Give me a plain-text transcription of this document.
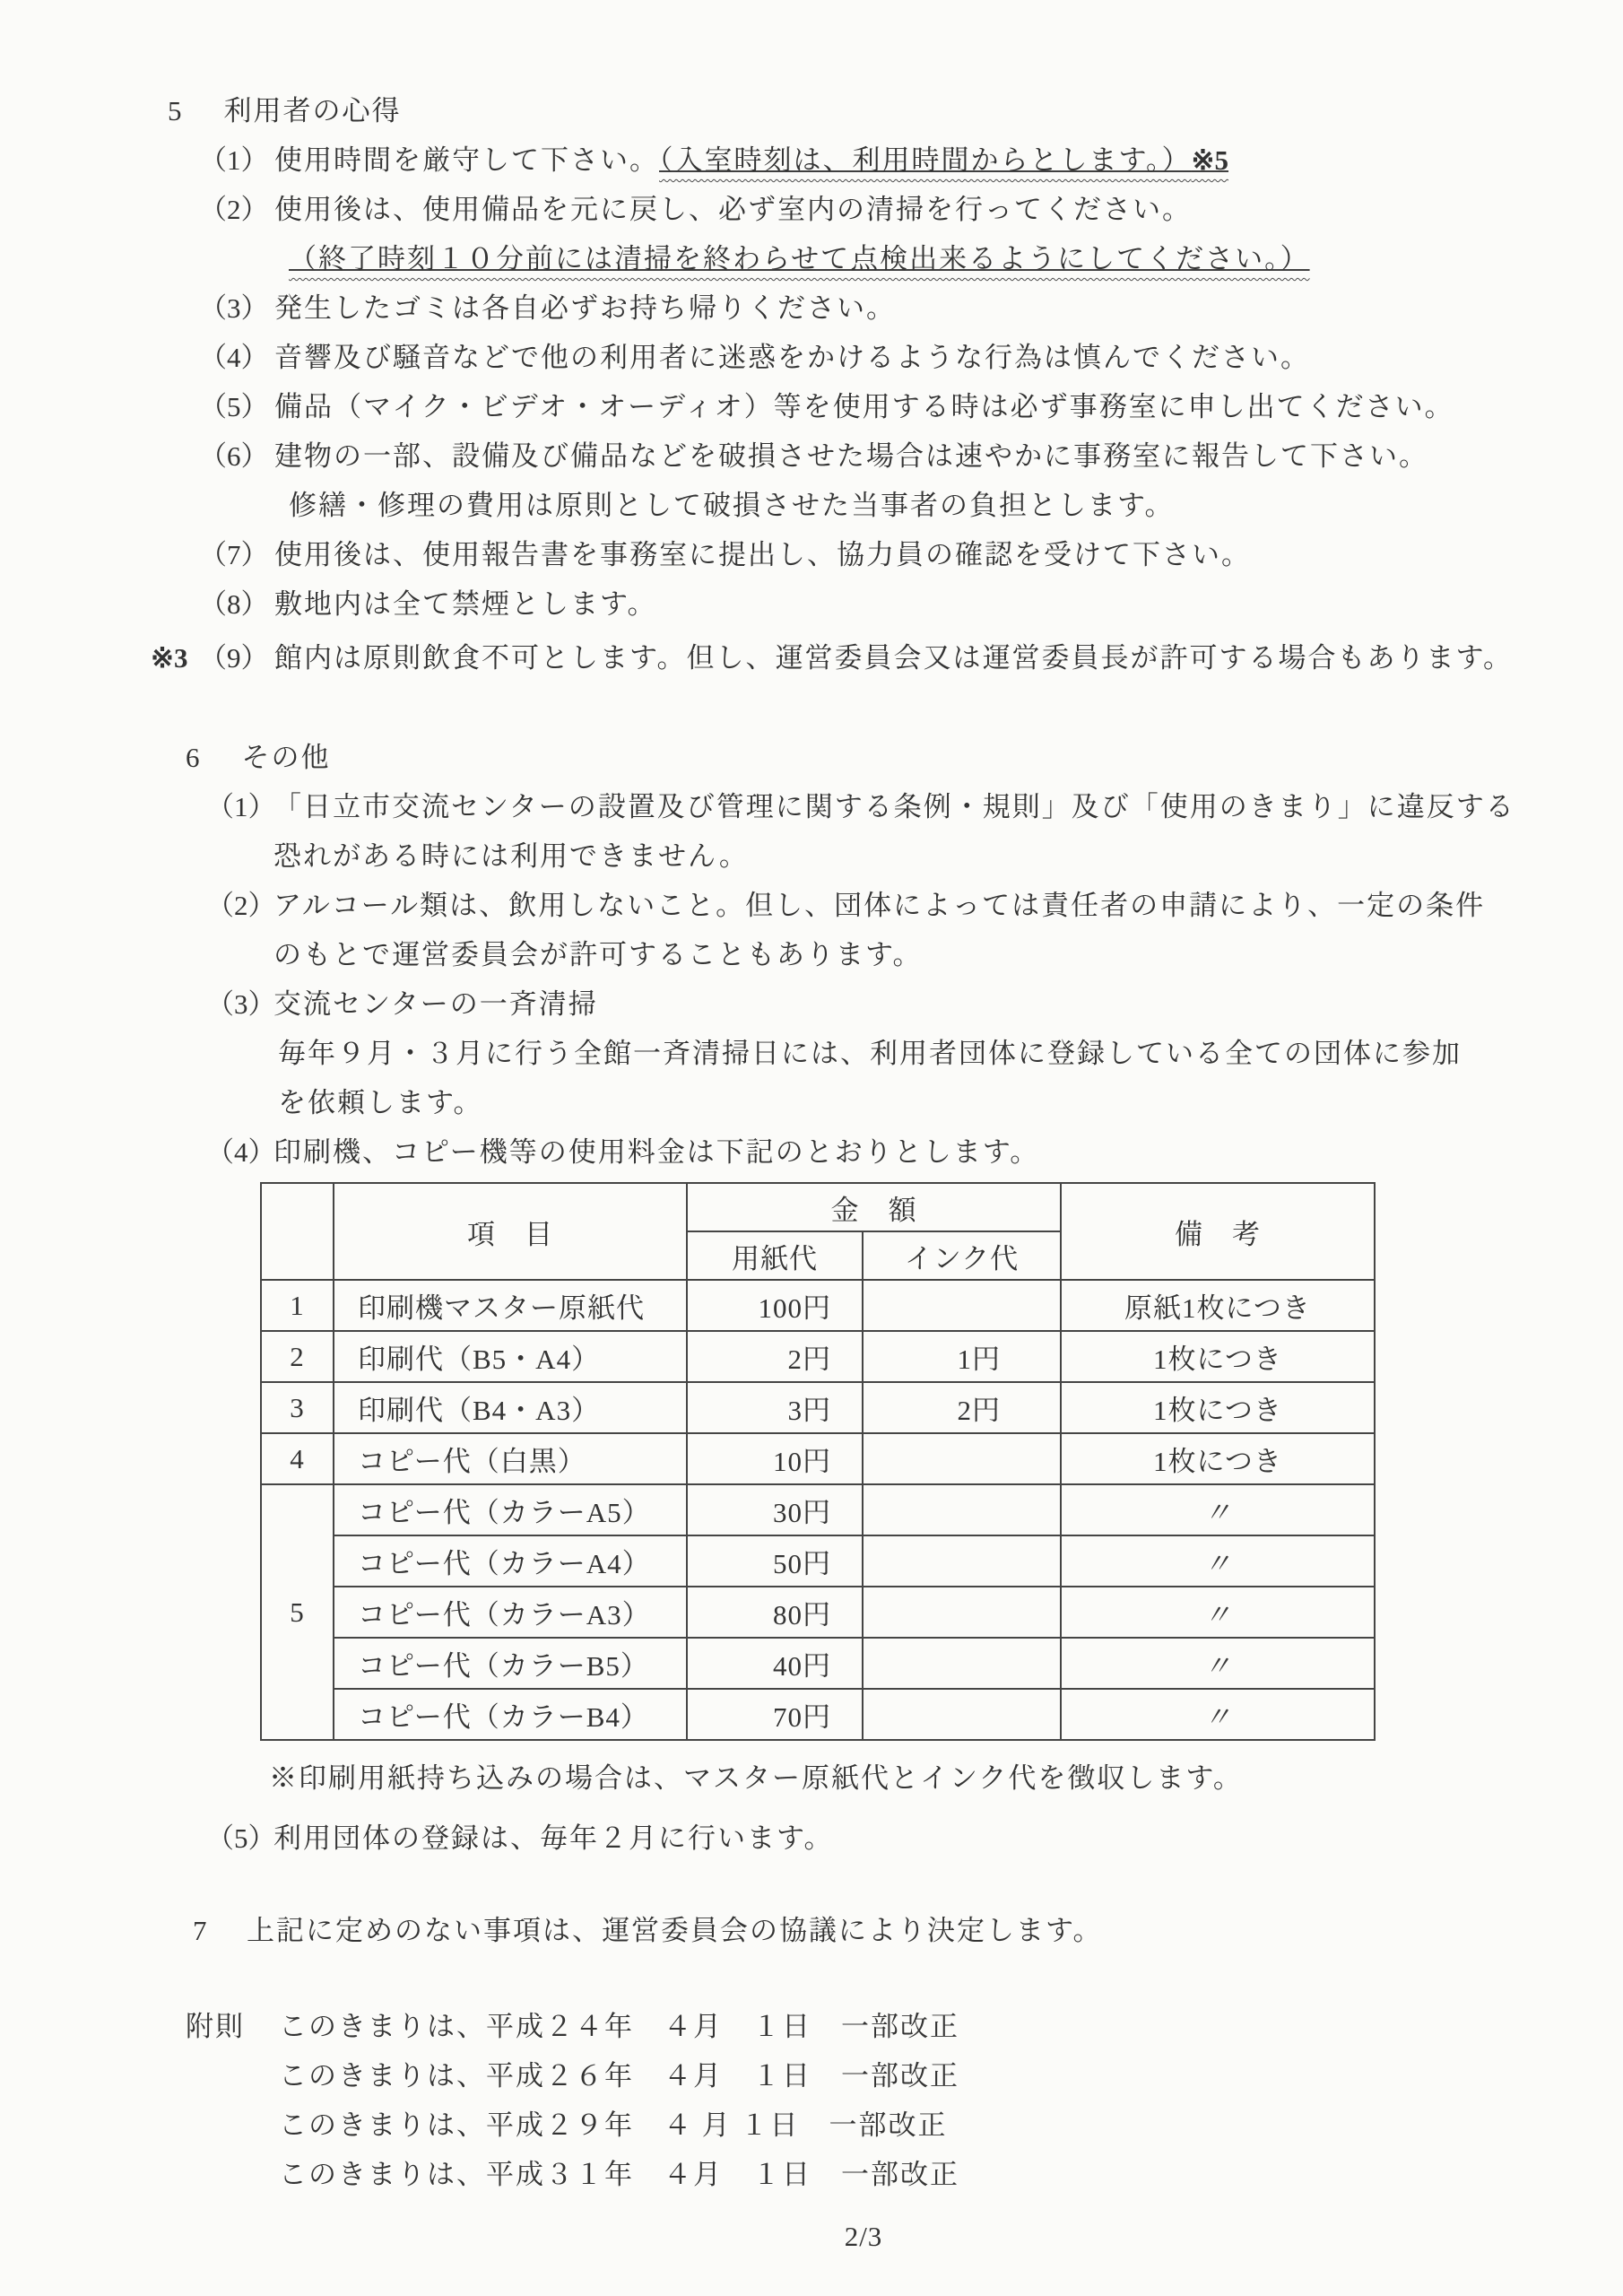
5 利用者の心得
（1） 使用時間を厳守して下さい。（入室時刻は、利用時間からとします。）※5
（2） 使用後は、使用備品を元に戻し、必ず室内の清掃を行ってください。
（終了時刻１０分前には清掃を終わらせて点検出来るようにしてください。）
（3） 発生したゴミは各自必ずお持ち帰りください。
（4） 音響及び騒音などで他の利用者に迷惑をかけるような行為は慎んでください。
（5） 備品（マイク・ビデオ・オーディオ）等を使用する時は必ず事務室に申し出てください。
（6） 建物の一部、設備及び備品などを破損させた場合は速やかに事務室に報告して下さい。
修繕・修理の費用は原則として破損させた当事者の負担とします。
（7） 使用後は、使用報告書を事務室に提出し、協力員の確認を受けて下さい。
（8） 敷地内は全て禁煙とします。
※3 （9） 館内は原則飲食不可とします。但し、運営委員会又は運営委員長が許可する場合もあります。
6 その他
（1）「日立市交流センターの設置及び管理に関する条例・規則」及び「使用のきまり」に違反する
恐れがある時には利用できません。
（2）アルコール類は、飲用しないこと。但し、団体によっては責任者の申請により、一定の条件
のもとで運営委員会が許可することもあります。
（3）交流センターの一斉清掃
毎年９月・３月に行う全館一斉清掃日には、利用者団体に登録している全ての団体に参加
を依頼します。
（4）印刷機、コピー機等の使用料金は下記のとおりとします。
	項　目	金　額		備　考
		用紙代	インク代	
1	印刷機マスター原紙代	100円		原紙1枚につき
2	印刷代（B5・A4）	2円	1円	1枚につき
3	印刷代（B4・A3）	3円	2円	1枚につき
4	コピー代（白黒）	10円		1枚につき
5	コピー代（カラーA5）	30円		〃
	コピー代（カラーA4）	50円		〃
	コピー代（カラーA3）	80円		〃
	コピー代（カラーB5）	40円		〃
	コピー代（カラーB4）	70円		〃
※印刷用紙持ち込みの場合は、マスター原紙代とインク代を徴収します。
（5）利用団体の登録は、毎年２月に行います。
7 上記に定めのない事項は、運営委員会の協議により決定します。
附則 このきまりは、平成２４年　４月　１日　一部改正
このきまりは、平成２６年　４月　１日　一部改正
このきまりは、平成２９年　４ 月 １日　一部改正
このきまりは、平成３１年　４月　１日　一部改正
2/3
